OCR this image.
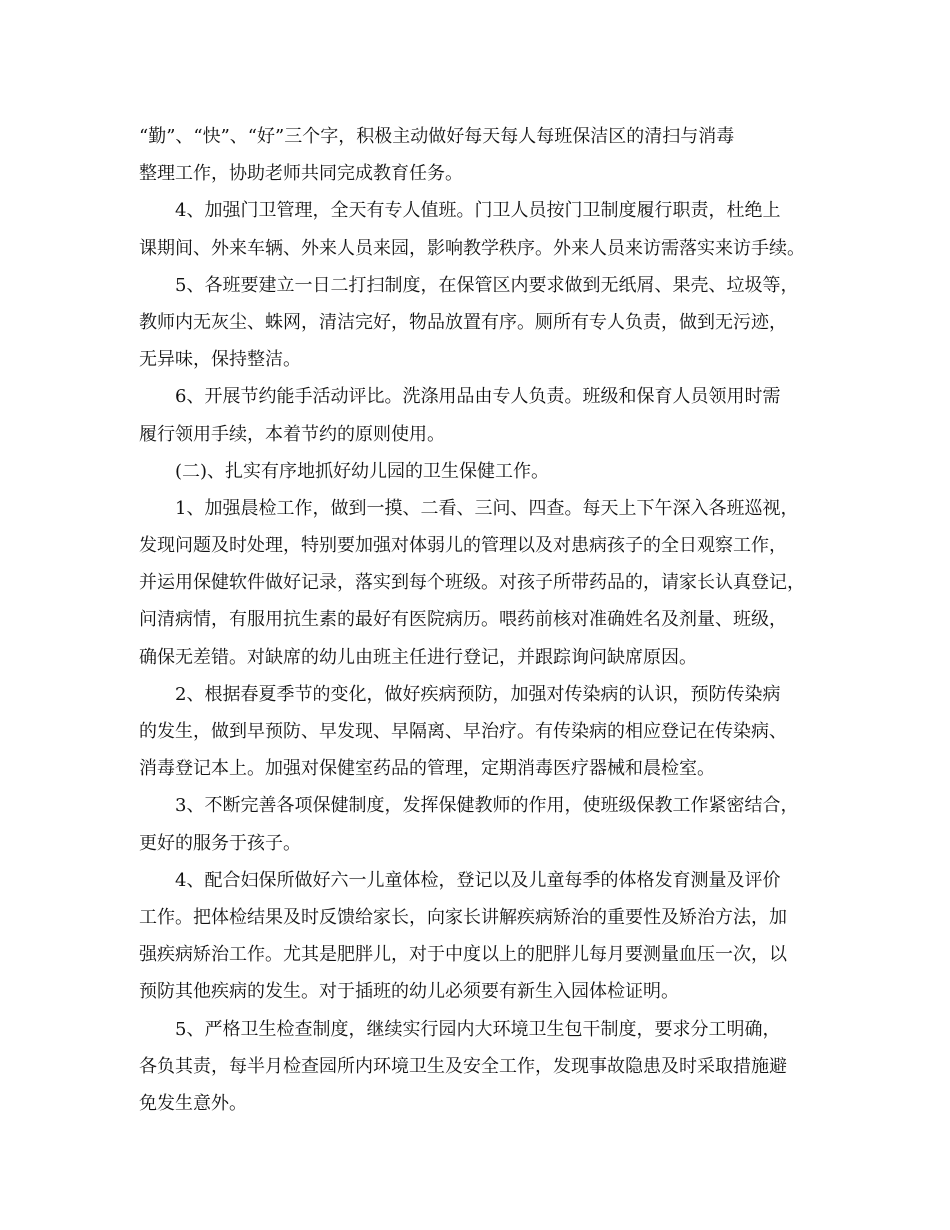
“勤”、“快”、“好”三个字，积极主动做好每天每人每班保洁区的清扫与消毒
整理工作，协助老师共同完成教育任务。
4、加强门卫管理，全天有专人值班。门卫人员按门卫制度履行职责，杜绝上
课期间、外来车辆、外来人员来园，影响教学秩序。外来人员来访需落实来访手续。
5、各班要建立一日二打扫制度，在保管区内要求做到无纸屑、果壳、垃圾等，
教师内无灰尘、蛛网，清洁完好，物品放置有序。厕所有专人负责，做到无污迹，
无异味，保持整洁。
6、开展节约能手活动评比。洗涤用品由专人负责。班级和保育人员领用时需
履行领用手续，本着节约的原则使用。
(二)、扎实有序地抓好幼儿园的卫生保健工作。
1、加强晨检工作，做到一摸、二看、三问、四查。每天上下午深入各班巡视，
发现问题及时处理，特别要加强对体弱儿的管理以及对患病孩子的全日观察工作，
并运用保健软件做好记录，落实到每个班级。对孩子所带药品的，请家长认真登记，
问清病情，有服用抗生素的最好有医院病历。喂药前核对准确姓名及剂量、班级，
确保无差错。对缺席的幼儿由班主任进行登记，并跟踪询问缺席原因。
2、根据春夏季节的变化，做好疾病预防，加强对传染病的认识，预防传染病
的发生，做到早预防、早发现、早隔离、早治疗。有传染病的相应登记在传染病、
消毒登记本上。加强对保健室药品的管理，定期消毒医疗器械和晨检室。
3、不断完善各项保健制度，发挥保健教师的作用，使班级保教工作紧密结合，
更好的服务于孩子。
4、配合妇保所做好六一儿童体检，登记以及儿童每季的体格发育测量及评价
工作。把体检结果及时反馈给家长，向家长讲解疾病矫治的重要性及矫治方法，加
强疾病矫治工作。尤其是肥胖儿，对于中度以上的肥胖儿每月要测量血压一次，以
预防其他疾病的发生。对于插班的幼儿必须要有新生入园体检证明。
5、严格卫生检查制度，继续实行园内大环境卫生包干制度，要求分工明确，
各负其责，每半月检查园所内环境卫生及安全工作，发现事故隐患及时采取措施避
免发生意外。
